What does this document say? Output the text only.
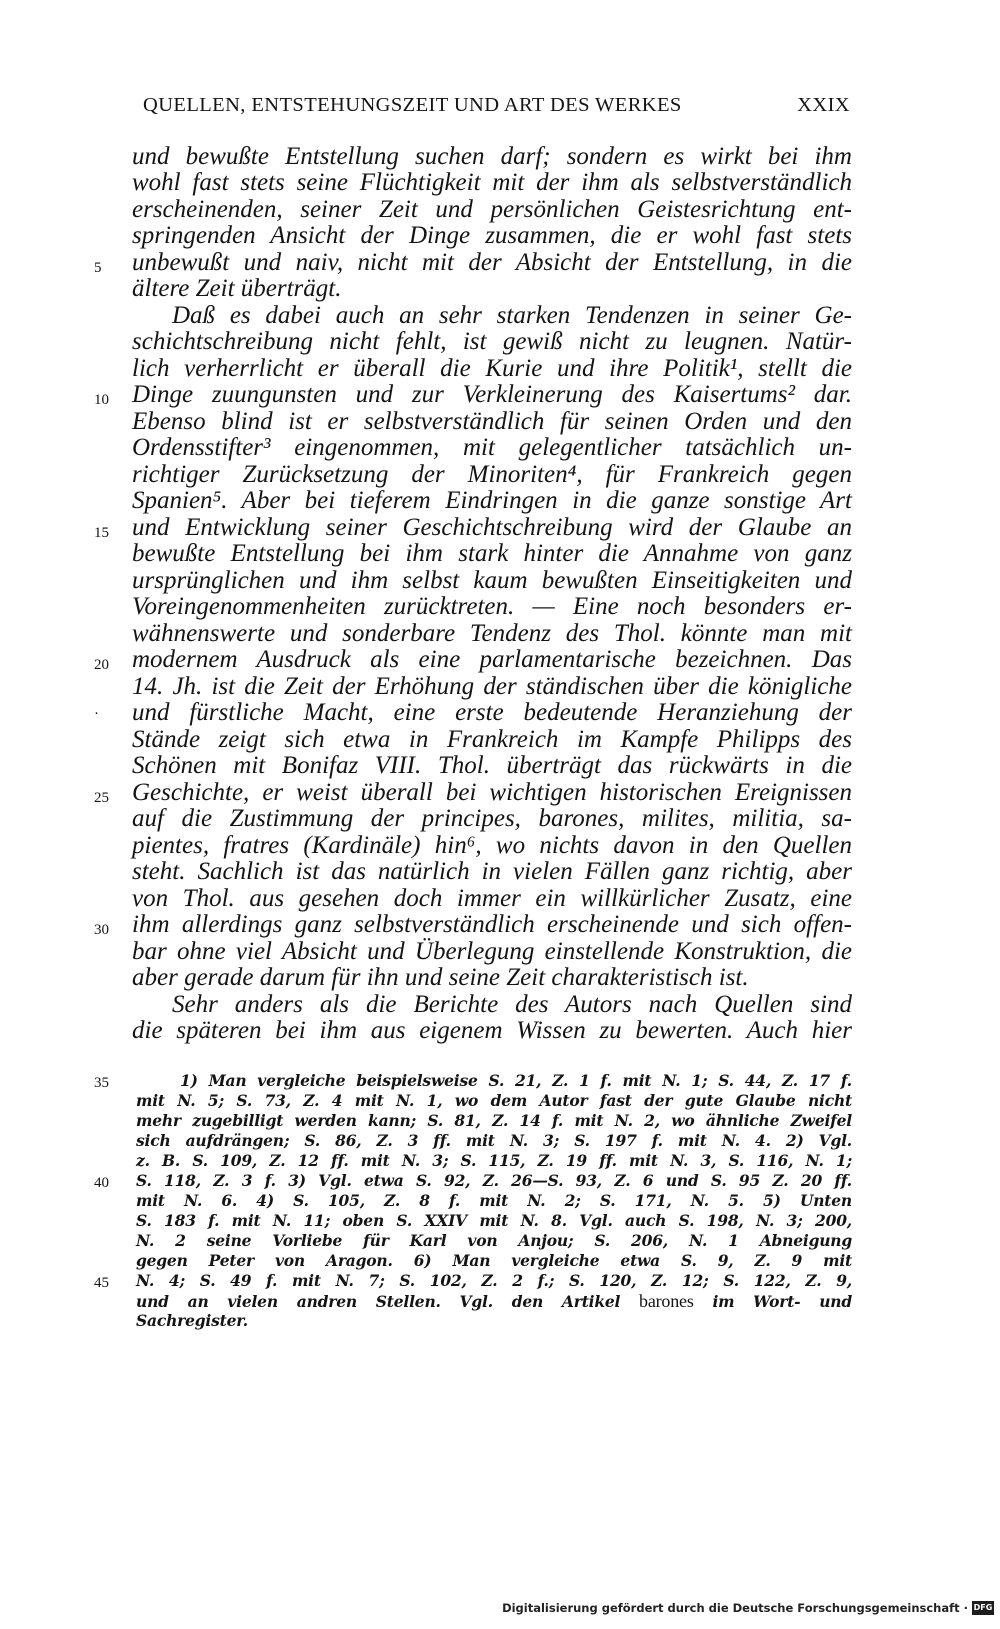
QUELLEN, ENTSTEHUNGSZEIT UND ART DES WERKES	XXIX
und bewußte Entstellung suchen darf; sondern es wirkt bei ihm
wohl fast stets seine Flüchtigkeit mit der ihm als selbstverständlich
erscheinenden, seiner Zeit und persönlichen Geistesrichtung ent-
springenden Ansicht der Dinge zusammen, die er wohl fast stets
unbewußt und naiv, nicht mit der Absicht der Entstellung, in die
ältere Zeit überträgt.
Daß es dabei auch an sehr starken Tendenzen in seiner Ge-
schichtschreibung nicht fehlt, ist gewiß nicht zu leugnen. Natür-
lich verherrlicht er überall die Kurie und ihre Politik¹, stellt die
Dinge zuungunsten und zur Verkleinerung des Kaisertums² dar.
Ebenso blind ist er selbstverständlich für seinen Orden und den
Ordensstifter³ eingenommen, mit gelegentlicher tatsächlich un-
richtiger Zurücksetzung der Minoriten⁴, für Frankreich gegen
Spanien⁵. Aber bei tieferem Eindringen in die ganze sonstige Art
und Entwicklung seiner Geschichtschreibung wird der Glaube an
bewußte Entstellung bei ihm stark hinter die Annahme von ganz
ursprünglichen und ihm selbst kaum bewußten Einseitigkeiten und
Voreingenommenheiten zurücktreten. — Eine noch besonders er-
wähnenswerte und sonderbare Tendenz des Thol. könnte man mit
modernem Ausdruck als eine parlamentarische bezeichnen. Das
14. Jh. ist die Zeit der Erhöhung der ständischen über die königliche
und fürstliche Macht, eine erste bedeutende Heranziehung der
Stände zeigt sich etwa in Frankreich im Kampfe Philipps des
Schönen mit Bonifaz VIII. Thol. überträgt das rückwärts in die
Geschichte, er weist überall bei wichtigen historischen Ereignissen
auf die Zustimmung der principes, barones, milites, militia, sa-
pientes, fratres (Kardinäle) hin⁶, wo nichts davon in den Quellen
steht. Sachlich ist das natürlich in vielen Fällen ganz richtig, aber
von Thol. aus gesehen doch immer ein willkürlicher Zusatz, eine
ihm allerdings ganz selbstverständlich erscheinende und sich offen-
bar ohne viel Absicht und Überlegung einstellende Konstruktion, die
aber gerade darum für ihn und seine Zeit charakteristisch ist.
Sehr anders als die Berichte des Autors nach Quellen sind
die späteren bei ihm aus eigenem Wissen zu bewerten. Auch hier
5
10
15
20
·
25
30
1) Man vergleiche beispielsweise S. 21, Z. 1 f. mit N. 1; S. 44, Z. 17 f.
mit N. 5; S. 73, Z. 4 mit N. 1, wo dem Autor fast der gute Glaube nicht
mehr zugebilligt werden kann; S. 81, Z. 14 f. mit N. 2, wo ähnliche Zweifel
sich aufdrängen; S. 86, Z. 3 ff. mit N. 3; S. 197 f. mit N. 4. 2) Vgl.
z. B. S. 109, Z. 12 ff. mit N. 3; S. 115, Z. 19 ff. mit N. 3, S. 116, N. 1;
S. 118, Z. 3 f. 3) Vgl. etwa S. 92, Z. 26—S. 93, Z. 6 und S. 95 Z. 20 ff.
mit N. 6. 4) S. 105, Z. 8 f. mit N. 2; S. 171, N. 5. 5) Unten
S. 183 f. mit N. 11; oben S. XXIV mit N. 8. Vgl. auch S. 198, N. 3; 200,
N. 2 seine Vorliebe für Karl von Anjou; S. 206, N. 1 Abneigung
gegen Peter von Aragon. 6) Man vergleiche etwa S. 9, Z. 9 mit
N. 4; S. 49 f. mit N. 7; S. 102, Z. 2 f.; S. 120, Z. 12; S. 122, Z. 9,
und an vielen andren Stellen. Vgl. den Artikel barones im Wort- und
Sachregister.
35
40
45
Digitalisierung gefördert durch die Deutsche Forschungsgemeinschaft · DFG
